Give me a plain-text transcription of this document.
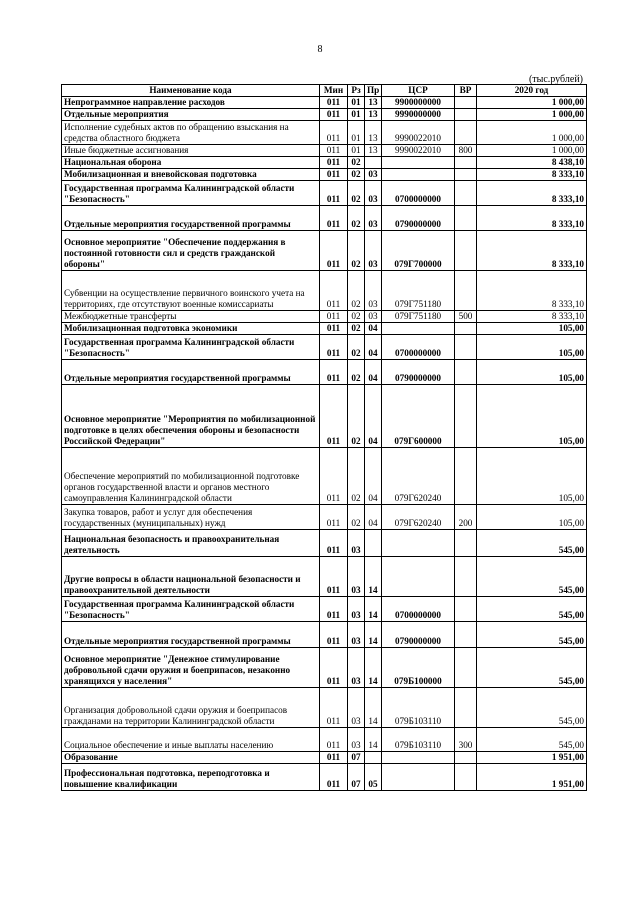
8
(тыс.рублей)
Наименование кода	Мин	Рз	Пр	ЦСР	ВР	2020 год
Непрограммное направление расходов	011	01	13	9900000000		1 000,00
Отдельные мероприятия	011	01	13	9990000000		1 000,00
Исполнение судебных актов по обращению взыскания на средства областного бюджета	011	01	13	9990022010		1 000,00
Иные бюджетные ассигнования	011	01	13	9990022010	800	1 000,00
Национальная оборона	011	02				8 438,10
Мобилизационная и вневойсковая подготовка	011	02	03			8 333,10
Государственная программа Калининградской области "Безопасность"	011	02	03	0700000000		8 333,10
Отдельные мероприятия государственной программы	011	02	03	0790000000		8 333,10
Основное мероприятие "Обеспечение поддержания в постоянной готовности сил и средств гражданской обороны"	011	02	03	079Г700000		8 333,10
Субвенции на осуществление первичного воинского учета на территориях, где отсутствуют военные комиссариаты	011	02	03	079Г751180		8 333,10
Межбюджетные трансферты	011	02	03	079Г751180	500	8 333,10
Мобилизационная подготовка экономики	011	02	04			105,00
Государственная программа Калининградской области "Безопасность"	011	02	04	0700000000		105,00
Отдельные мероприятия государственной программы	011	02	04	0790000000		105,00
Основное мероприятие "Мероприятия по мобилизационной подготовке в целях обеспечения обороны и безопасности Российской Федерации"	011	02	04	079Г600000		105,00
Обеспечение мероприятий по мобилизационной подготовке органов государственной власти и органов местного самоуправления Калининградской области	011	02	04	079Г620240		105,00
Закупка товаров, работ и услуг для обеспечения государственных (муниципальных) нужд	011	02	04	079Г620240	200	105,00
Национальная безопасность и правоохранительная деятельность	011	03				545,00
Другие вопросы в области национальной безопасности и правоохранительной деятельности	011	03	14			545,00
Государственная программа Калининградской области "Безопасность"	011	03	14	0700000000		545,00
Отдельные мероприятия государственной программы	011	03	14	0790000000		545,00
Основное мероприятие "Денежное стимулирование добровольной сдачи оружия и боеприпасов, незаконно хранящихся у населения"	011	03	14	079Б100000		545,00
Организация добровольной сдачи оружия и боеприпасов гражданами на территории Калининградской области	011	03	14	079Б103110		545,00
Социальное обеспечение и иные выплаты населению	011	03	14	079Б103110	300	545,00
Образование	011	07				1 951,00
Профессиональная подготовка, переподготовка и повышение квалификации	011	07	05			1 951,00
